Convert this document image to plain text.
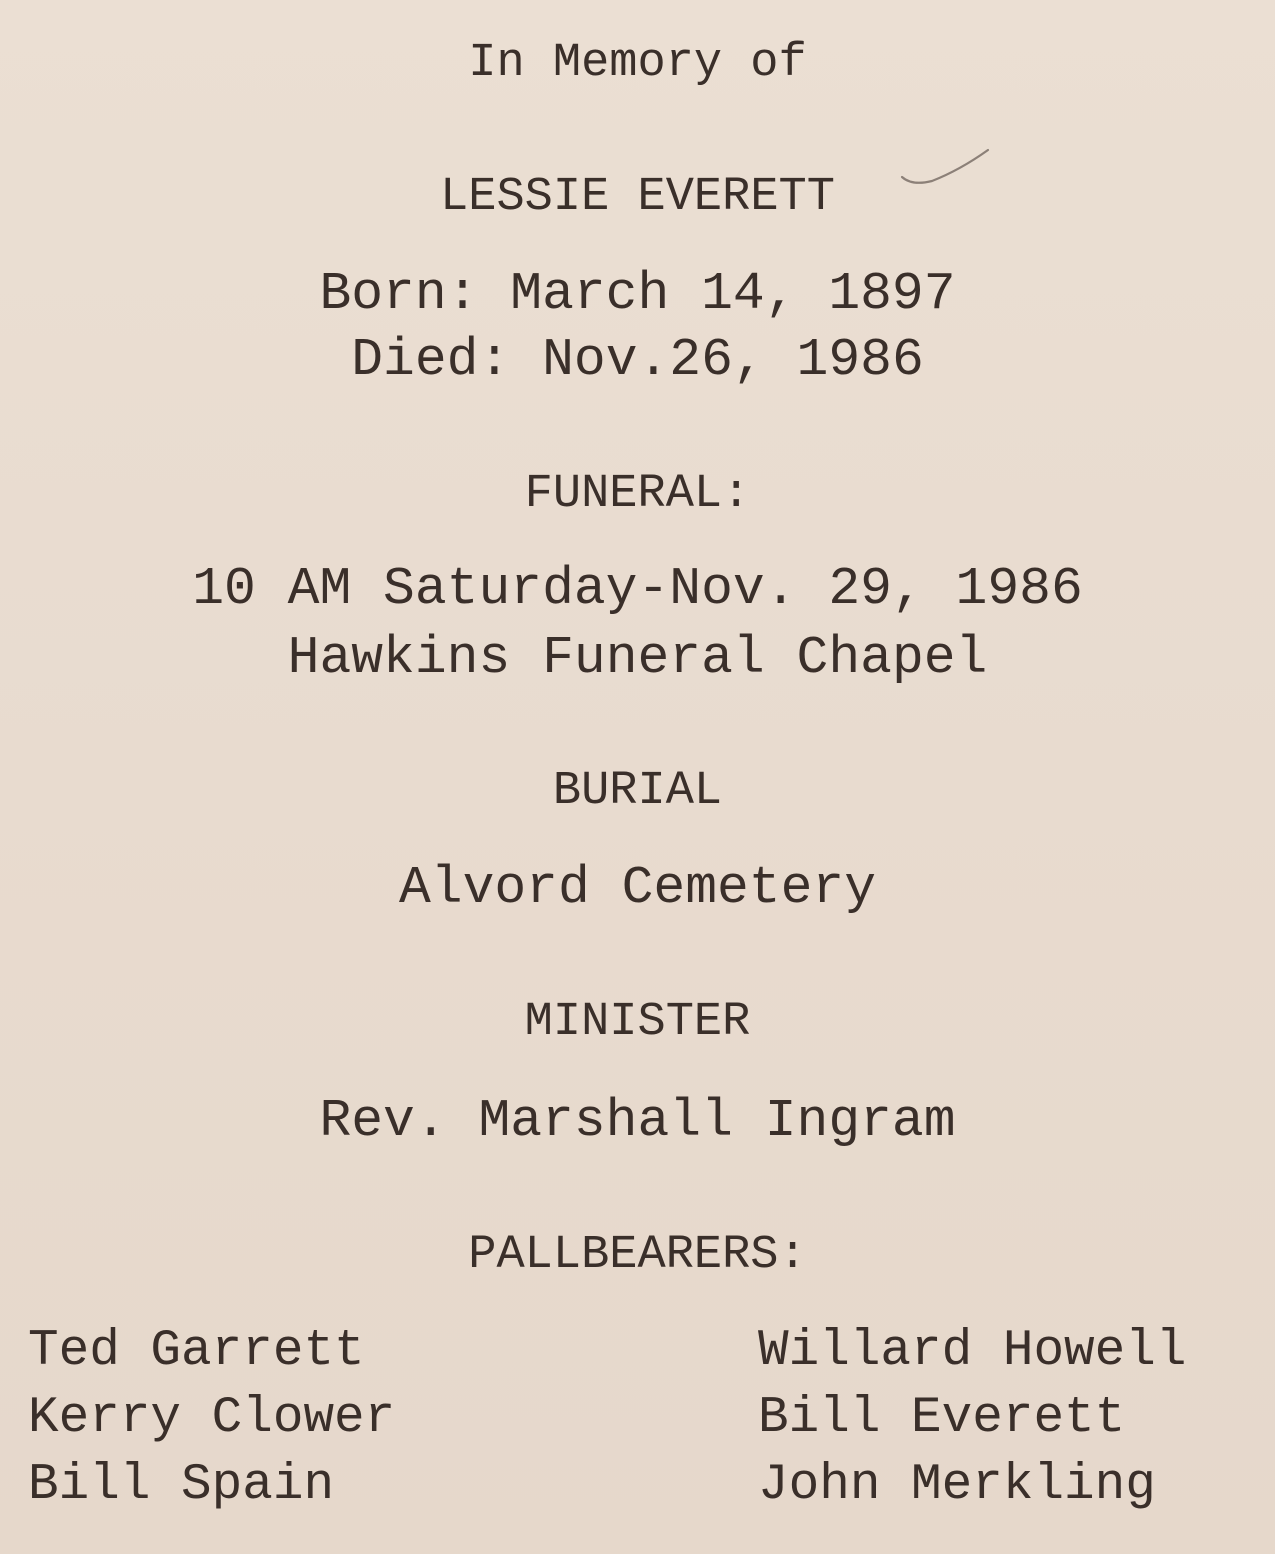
In Memory of
LESSIE EVERETT
Born: March 14, 1897
Died: Nov.26, 1986
FUNERAL:
10 AM Saturday-Nov. 29, 1986
Hawkins Funeral Chapel
BURIAL
Alvord Cemetery
MINISTER
Rev. Marshall Ingram
PALLBEARERS:
Ted Garrett
Kerry Clower
Bill Spain
Willard Howell
Bill Everett
John Merkling
